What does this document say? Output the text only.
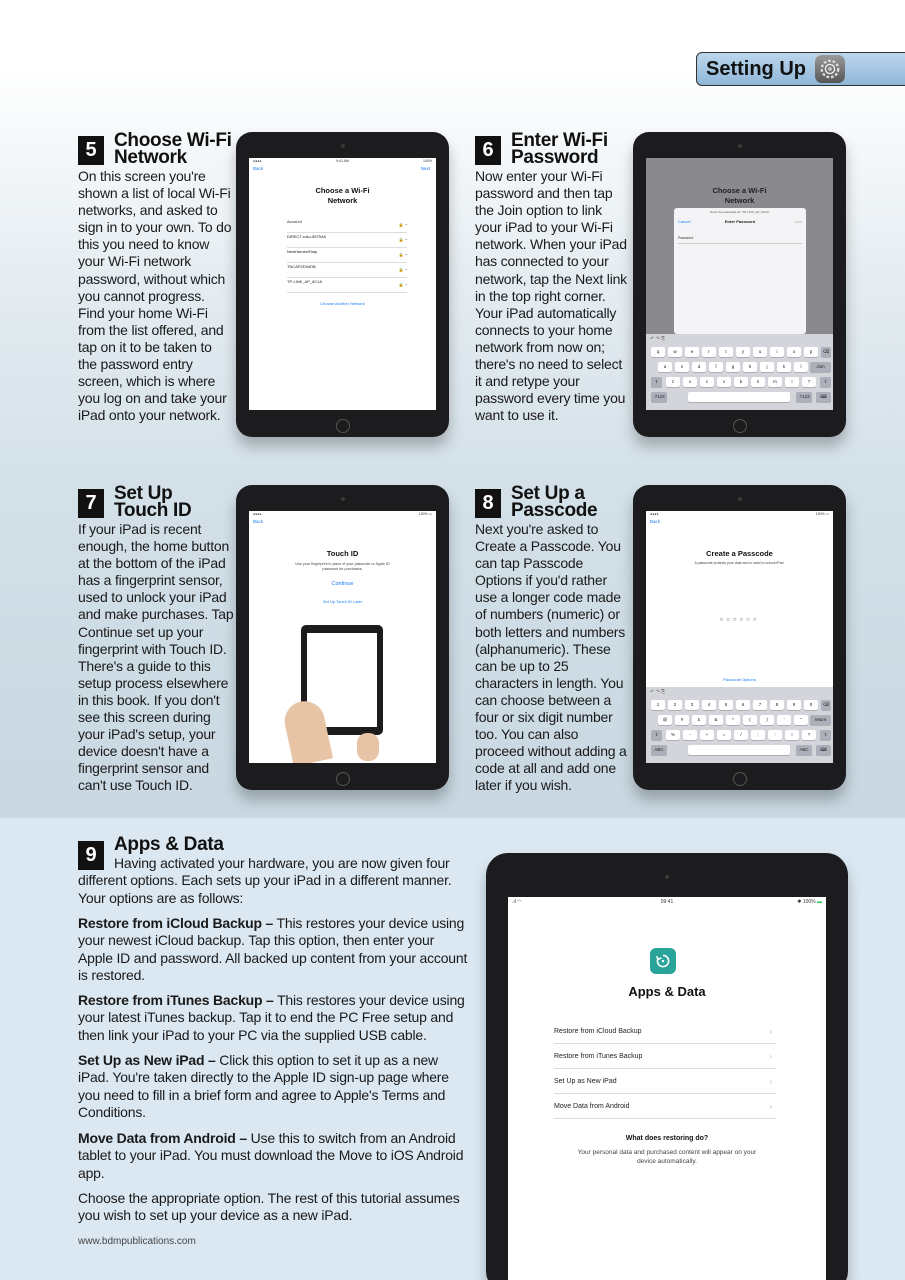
Setting Up
5 Choose Wi-Fi
Network
On this screen you're shown a list of local Wi-Fi networks, and asked to sign in to your own. To do this you need to know your Wi-Fi network password, without which you cannot progress. Find your home Wi-Fi from the list offered, and tap on it to be taken to the password entry screen, which is where you log on and take your iPad onto your network.
●●●●	9:41 AM	100%
Back	Next
Choose a Wi-Fi
Network
AcnoLtd
🔒 ◔
DIRECT-roku-8575A6
🔒 ◔
NewHarnesShap
🔒 ◔
TNCAP2D94DB
🔒 ◔
TP-LINK_AP_6C1A
🔒 ◔
Choose Another Network
6 Enter Wi-Fi
Password
Now enter your Wi-Fi password and then tap the Join option to link your iPad to your Wi-Fi network. When your iPad has connected to your network, tap the Next link in the top right corner. Your iPad automatically connects to your home network from now on; there's no need to select it and retype your password every time you want to use it.
Choose a Wi-Fi
Network
Enter the password for "TP-LINK_AP_6C1A"
Cancel	Enter Password	Join
Password
↶ ↷ ⎘
q	w	e	r	t	y	u	i	o	p	⌫
a	s	d	f	g	h	j	k	l	Join
⇧	z	x	c	v	b	n	m	!	?	⇧
.?123	.?123	⌨
7 Set Up
Touch ID
If your iPad is recent enough, the home button at the bottom of the iPad has a fingerprint sensor, used to unlock your iPad and make purchases. Tap Continue set up your fingerprint with Touch ID. There's a guide to this setup process elsewhere in this book. If you don't see this screen during your iPad's setup, your device doesn't have a fingerprint sensor and can't use Touch ID.
●●●●	100% ▭
Back
Touch ID
Use your fingerprint in place of your passcode or Apple ID password for purchases.
Continue
Set Up Touch ID Later
8 Set Up a
Passcode
Next you're asked to Create a Passcode. You can tap Passcode Options if you'd rather use a longer code made of numbers (numeric) or both letters and numbers (alphanumeric). These can be up to 25 characters in length. You can choose between a four or six digit number too. You can also proceed without adding a code at all and add one later if you wish.
●●●●	100% ▭
Back
Create a Passcode
A passcode protects your data and is used to unlock iPad.
○○○○○○
Passcode Options
↶ ↷ ⎘
1	2	3	4	5	6	7	8	9	0	⌫
@	#	£	&	*	(	)	'	"	return
⇧	%	-	+	=	/	;	:	!	?	⇧
ABC	ABC	⌨
9 Apps & Data
Having activated your hardware, you are now given four different options. Each sets up your iPad in a different manner. Your options are as follows:
Restore from iCloud Backup – This restores your device using your newest iCloud backup. Tap this option, then enter your Apple ID and password. All backed up content from your account is restored.
Restore from iTunes Backup – This restores your device using your latest iTunes backup. Tap it to end the PC Free setup and then link your iPad to your PC via the supplied USB cable.
Set Up as New iPad – Click this option to set it up as a new iPad. You're taken directly to the Apple ID sign-up page where you need to fill in a brief form and agree to Apple's Terms and Conditions.
Move Data from Android – Use this to switch from an Android tablet to your iPad. You must download the Move to iOS Android app.
Choose the appropriate option. The rest of this tutorial assumes you wish to set up your device as a new iPad.
.ıl ◠	09:41	✱ 100% ▬
Apps & Data
Restore from iCloud Backup	›
Restore from iTunes Backup	›
Set Up as New iPad	›
Move Data from Android	›
What does restoring do?
Your personal data and purchased content will appear on your device automatically.
www.bdmpublications.com
